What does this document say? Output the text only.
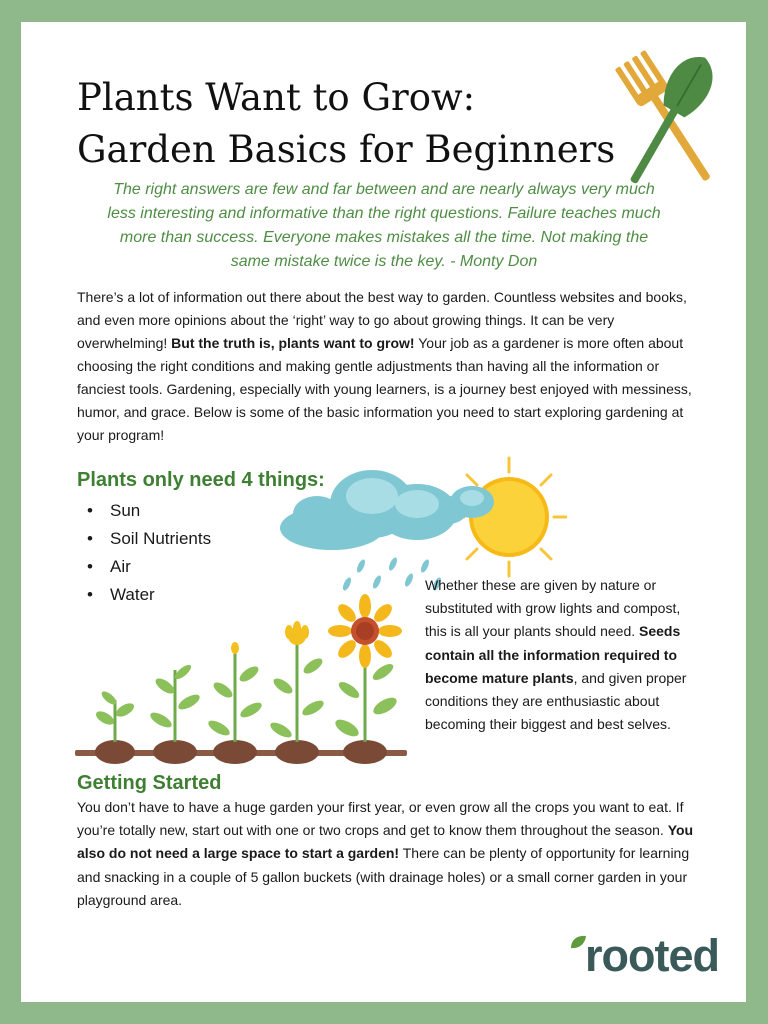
Plants Want to Grow:
Garden Basics for Beginners

The right answers are few and far between and are nearly always very much less interesting and informative than the right questions. Failure teaches much more than success. Everyone makes mistakes all the time. Not making the same mistake twice is the key. - Monty Don

There’s a lot of information out there about the best way to garden. Countless websites and books, and even more opinions about the ‘right’ way to go about growing things. It can be very overwhelming! But the truth is, plants want to grow! Your job as a gardener is more often about choosing the right conditions and making gentle adjustments than having all the information or fanciest tools. Gardening, especially with young learners, is a journey best enjoyed with messiness, humor, and grace. Below is some of the basic information you need to start exploring gardening at your program!

Plants only need 4 things:
• Sun
• Soil Nutrients
• Air
• Water	Whether these are given by nature or substituted with grow lights and compost, this is all your plants should need. Seeds contain all the information required to become mature plants, and given proper conditions they are enthusiastic about becoming their biggest and best selves.

Getting Started

You don’t have to have a huge garden your first year, or even grow all the crops you want to eat. If you’re totally new, start out with one or two crops and get to know them throughout the season. You also do not need a large space to start a garden! There can be plenty of opportunity for learning and snacking in a couple of 5 gallon buckets (with drainage holes) or a small corner garden in your playground area.

rooted
